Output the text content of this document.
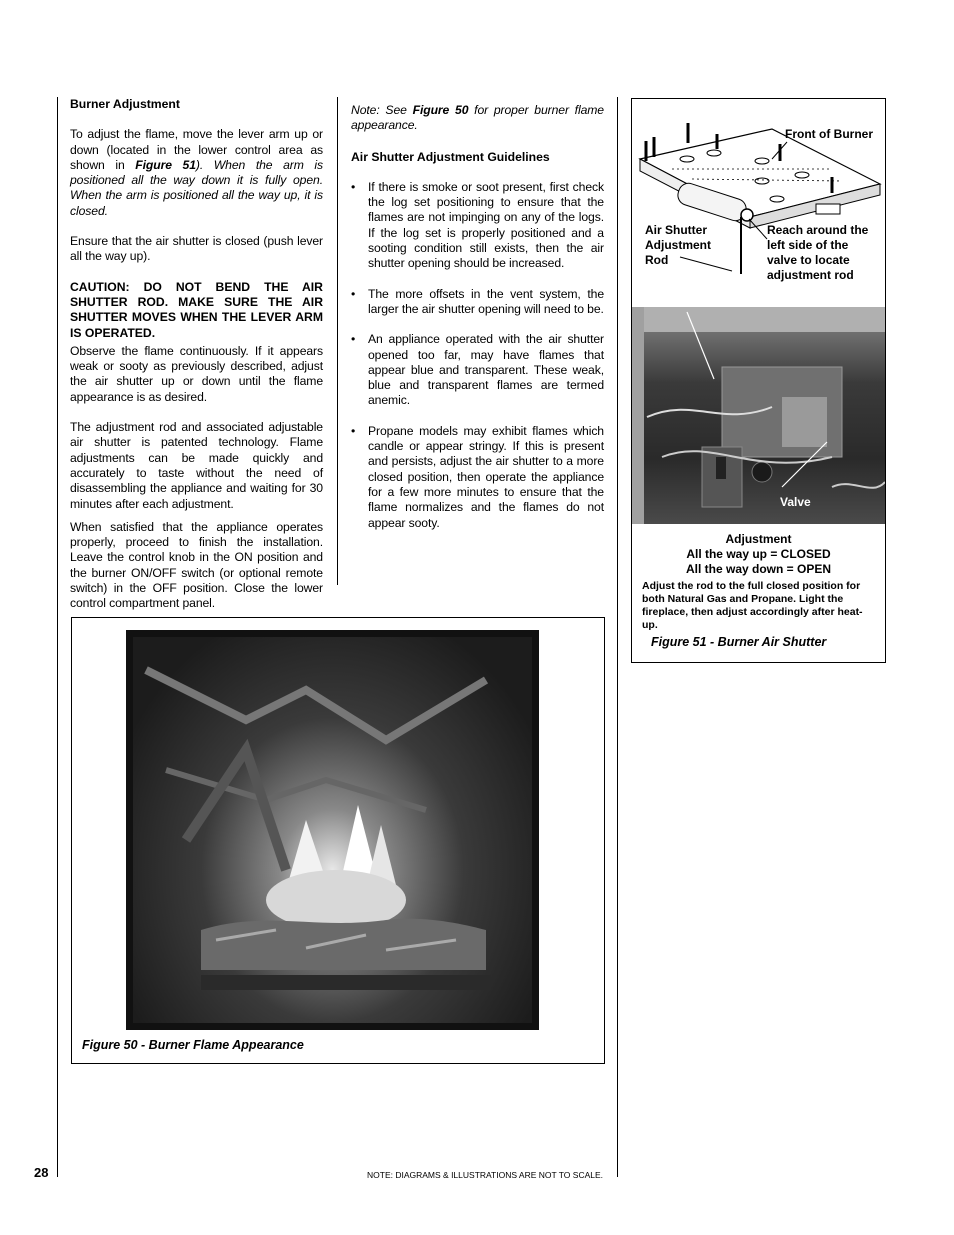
Burner Adjustment

To adjust the flame, move the lever arm up or down (located in the lower control area as shown in Figure 51). When the arm is positioned all the way down it is fully open. When the arm is positioned all the way up, it is closed.

Ensure that the air shutter is closed (push lever all the way up).

CAUTION: DO NOT BEND THE AIR SHUTTER ROD. MAKE SURE THE AIR SHUTTER MOVES WHEN THE LEVER ARM IS OPERATED.

Observe the flame continuously. If it appears weak or sooty as previously described, adjust the air shutter up or down until the flame appearance is as desired.

The adjustment rod and associated adjustable air shutter is patented technology. Flame adjustments can be made quickly and accurately to taste without the need of disassembling the appliance and waiting for 30 minutes after each adjustment.

When satisfied that the appliance operates properly, proceed to finish the installation. Leave the control knob in the ON position and the burner ON/OFF switch (or optional remote switch) in the OFF position. Close the lower control compartment panel.

Note: See Figure 50 for proper burner flame appearance.

Air Shutter Adjustment Guidelines

• If there is smoke or soot present, first check the log set positioning to ensure that the flames are not impinging on any of the logs. If the log set is properly positioned and a sooting condition still exists, then the air shutter opening should be increased.
• The more offsets in the vent system, the larger the air shutter opening will need to be.
• An appliance operated with the air shutter opened too far, may have flames that appear blue and transparent. These weak, blue and transparent flames are termed anemic.
• Propane models may exhibit flames which candle or appear stringy. If this is present and persists, adjust the air shutter to a more closed position, then operate the appliance for a few more minutes to ensure that the flame normalizes and the flames do not appear sooty.
Front of Burner
Air Shutter Adjustment Rod
Reach around the left side of the valve to locate adjustment rod
Valve
Adjustment
All the way up = CLOSED
All the way down = OPEN
Adjust the rod to the full closed position for both Natural Gas and Propane. Light the fireplace, then adjust accordingly after heat-up.
Figure 51 - Burner Air Shutter
Figure 50 - Burner Flame Appearance
28	NOTE: DIAGRAMS & ILLUSTRATIONS ARE NOT TO SCALE.
